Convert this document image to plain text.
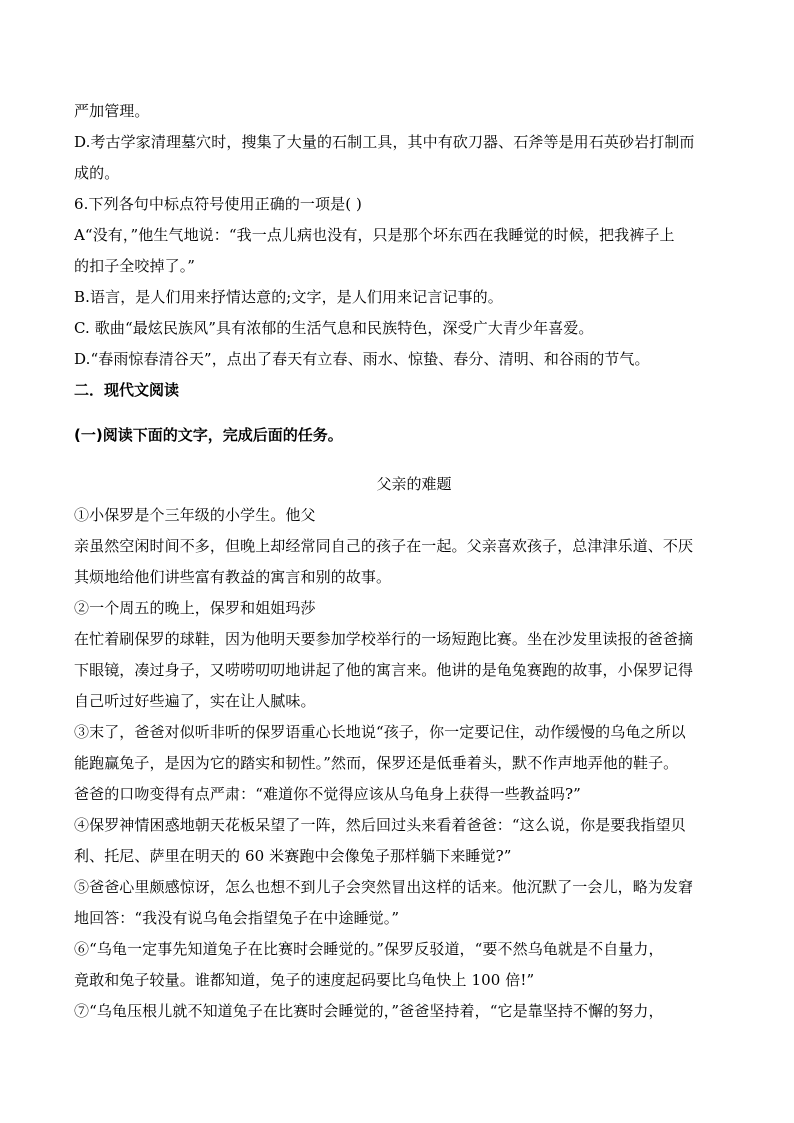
严加管理。
D.考古学家清理墓穴时，搜集了大量的石制工具，其中有砍刀器、石斧等是用石英砂岩打制而
成的。
6.下列各句中标点符号使用正确的一项是( )
A“没有，”他生气地说：“我一点儿病也没有，只是那个坏东西在我睡觉的时候，把我裤子上
的扣子全咬掉了。”
B.语言，是人们用来抒情达意的;文字，是人们用来记言记事的。
C. 歌曲“最炫民族风”具有浓郁的生活气息和民族特色，深受广大青少年喜爱。
D.“春雨惊春清谷天”，点出了春天有立春、雨水、惊蛰、春分、清明、和谷雨的节气。
二．现代文阅读
(一)阅读下面的文字，完成后面的任务。
父亲的难题
①小保罗是个三年级的小学生。他父
亲虽然空闲时间不多，但晚上却经常同自己的孩子在一起。父亲喜欢孩子，总津津乐道、不厌
其烦地给他们讲些富有教益的寓言和别的故事。
②一个周五的晚上，保罗和姐姐玛莎
在忙着刷保罗的球鞋，因为他明天要参加学校举行的一场短跑比赛。坐在沙发里读报的爸爸摘
下眼镜，凑过身子，又唠唠叨叨地讲起了他的寓言来。他讲的是龟兔赛跑的故事，小保罗记得
自己听过好些遍了，实在让人腻味。
③末了，爸爸对似听非听的保罗语重心长地说“孩子，你一定要记住，动作缓慢的乌龟之所以
能跑赢兔子，是因为它的踏实和韧性。”然而，保罗还是低垂着头，默不作声地弄他的鞋子。
爸爸的口吻变得有点严肃：“难道你不觉得应该从乌龟身上获得一些教益吗?”
④保罗神情困惑地朝天花板呆望了一阵，然后回过头来看着爸爸：“这么说，你是要我指望贝
利、托尼、萨里在明天的 60 米赛跑中会像兔子那样躺下来睡觉?”
⑤爸爸心里颇感惊讶，怎么也想不到儿子会突然冒出这样的话来。他沉默了一会儿，略为发窘
地回答：“我没有说乌龟会指望兔子在中途睡觉。”
⑥“乌龟一定事先知道兔子在比赛时会睡觉的。”保罗反驳道，“要不然乌龟就是不自量力，
竟敢和兔子较量。谁都知道，兔子的速度起码要比乌龟快上 100 倍!”
⑦“乌龟压根儿就不知道兔子在比赛时会睡觉的，”爸爸坚持着，“它是靠坚持不懈的努力，
